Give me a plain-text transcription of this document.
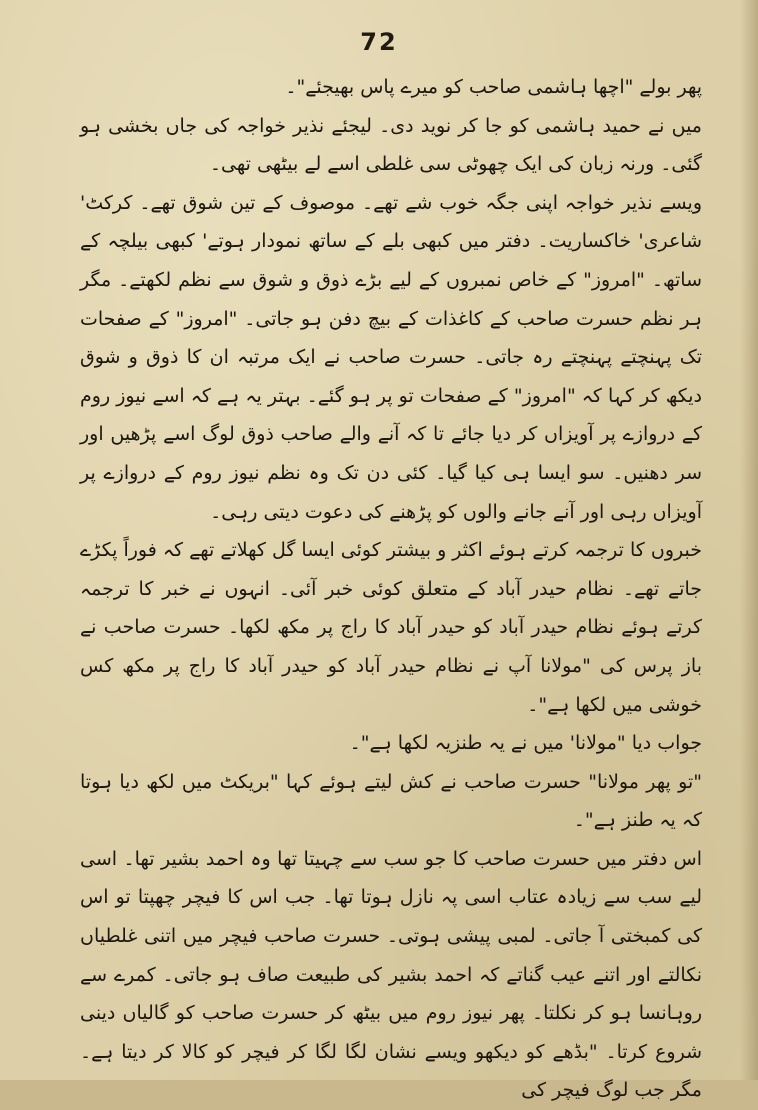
72

پھر بولے "اچھا ہاشمی صاحب کو میرے پاس بھیجئے"۔

میں نے حمید ہاشمی کو جا کر نوید دی۔ لیجئے نذیر خواجہ کی جاں بخشی ہو گئی۔ ورنہ زبان کی ایک چھوٹی سی غلطی اسے لے بیٹھی تھی۔

ویسے نذیر خواجہ اپنی جگہ خوب شے تھے۔ موصوف کے تین شوق تھے۔ کرکٹ' شاعری' خاکساریت۔ دفتر میں کبھی بلے کے ساتھ نمودار ہوتے' کبھی بیلچہ کے ساتھ۔ "امروز" کے خاص نمبروں کے لیے بڑے ذوق و شوق سے نظم لکھتے۔ مگر ہر نظم حسرت صاحب کے کاغذات کے بیچ دفن ہو جاتی۔ "امروز" کے صفحات تک پہنچتے پہنچتے رہ جاتی۔ حسرت صاحب نے ایک مرتبہ ان کا ذوق و شوق دیکھ کر کہا کہ "امروز" کے صفحات تو پر ہو گئے۔ بہتر یہ ہے کہ اسے نیوز روم کے دروازے پر آویزاں کر دیا جائے تا کہ آنے والے صاحب ذوق لوگ اسے پڑھیں اور سر دھنیں۔ سو ایسا ہی کیا گیا۔ کئی دن تک وہ نظم نیوز روم کے دروازے پر آویزاں رہی اور آنے جانے والوں کو پڑھنے کی دعوت دیتی رہی۔

خبروں کا ترجمہ کرتے ہوئے اکثر و بیشتر کوئی ایسا گل کھلاتے تھے کہ فوراً پکڑے جاتے تھے۔ نظام حیدر آباد کے متعلق کوئی خبر آئی۔ انہوں نے خبر کا ترجمہ کرتے ہوئے نظام حیدر آباد کو حیدر آباد کا راج پر مکھ لکھا۔ حسرت صاحب نے باز پرس کی "مولانا آپ نے نظام حیدر آباد کو حیدر آباد کا راج پر مکھ کس خوشی میں لکھا ہے"۔

جواب دیا "مولانا' میں نے یہ طنزیہ لکھا ہے"۔

"تو پھر مولانا" حسرت صاحب نے کش لیتے ہوئے کہا "بریکٹ میں لکھ دیا ہوتا کہ یہ طنز ہے"۔

اس دفتر میں حسرت صاحب کا جو سب سے چہیتا تھا وہ احمد بشیر تھا۔ اسی لیے سب سے زیادہ عتاب اسی پہ نازل ہوتا تھا۔ جب اس کا فیچر چھپتا تو اس کی کمبختی آ جاتی۔ لمبی پیشی ہوتی۔ حسرت صاحب فیچر میں اتنی غلطیاں نکالتے اور اتنے عیب گناتے کہ احمد بشیر کی طبیعت صاف ہو جاتی۔ کمرے سے روہانسا ہو کر نکلتا۔ پھر نیوز روم میں بیٹھ کر حسرت صاحب کو گالیاں دینی شروع کرتا۔ "بڈھے کو دیکھو ویسے نشان لگا لگا کر فیچر کو کالا کر دیتا ہے۔ مگر جب لوگ فیچر کی
